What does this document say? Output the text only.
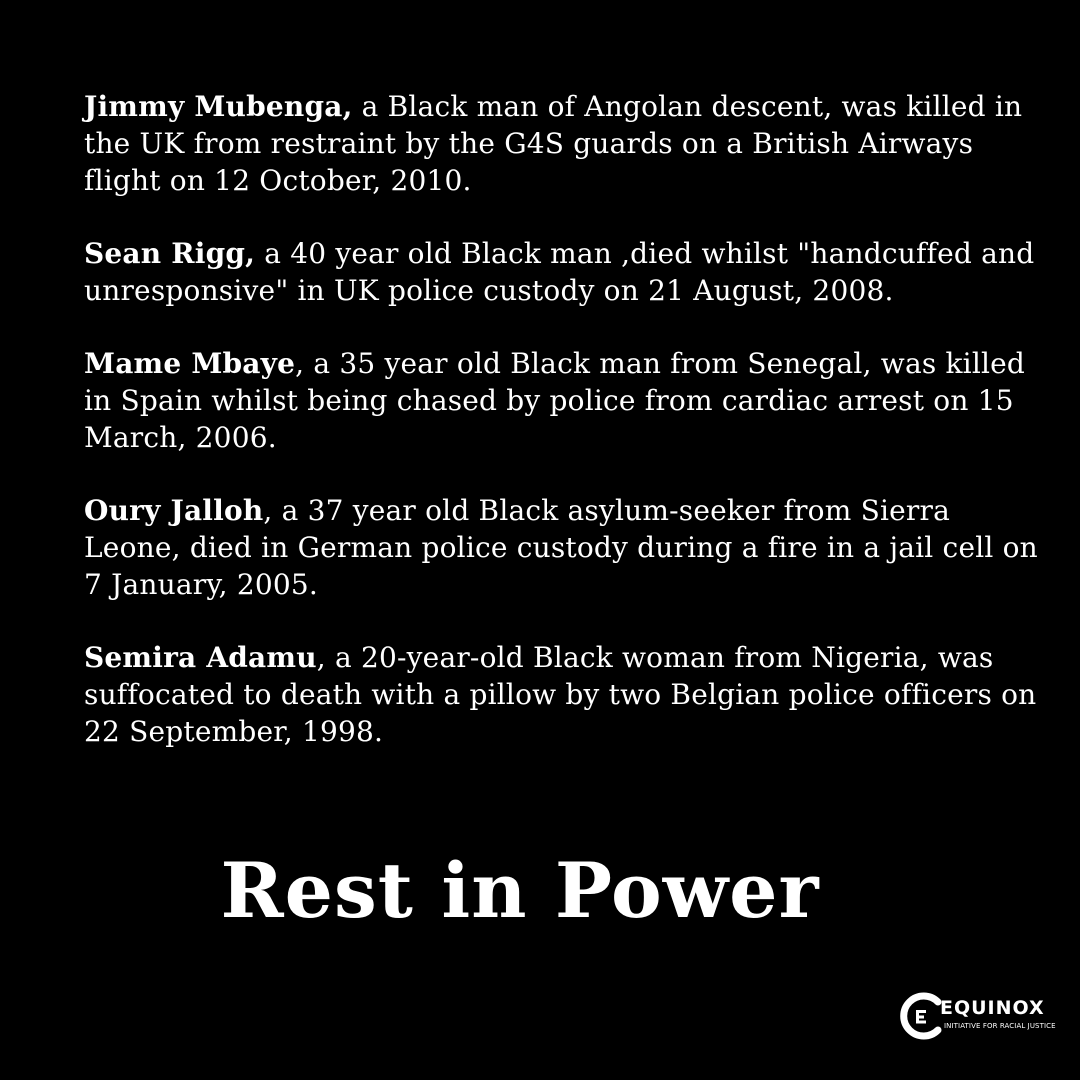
Jimmy Mubenga, a Black man of Angolan descent, was killed in the UK from restraint by the G4S guards on a British Airways flight on 12 October, 2010.

Sean Rigg, a 40 year old Black man ,died whilst "handcuffed and unresponsive" in UK police custody on 21 August, 2008.

Mame Mbaye, a 35 year old Black man from Senegal, was killed in Spain whilst being chased by police from cardiac arrest on 15 March, 2006.

Oury Jalloh, a 37 year old Black asylum-seeker from Sierra Leone, died in German police custody during a fire in a jail cell on 7 January, 2005.

Semira Adamu, a 20-year-old Black woman from Nigeria, was suffocated to death with a pillow by two Belgian police officers on 22 September, 1998.

Rest in Power
EQUINOX
INITIATIVE FOR RACIAL JUSTICE
